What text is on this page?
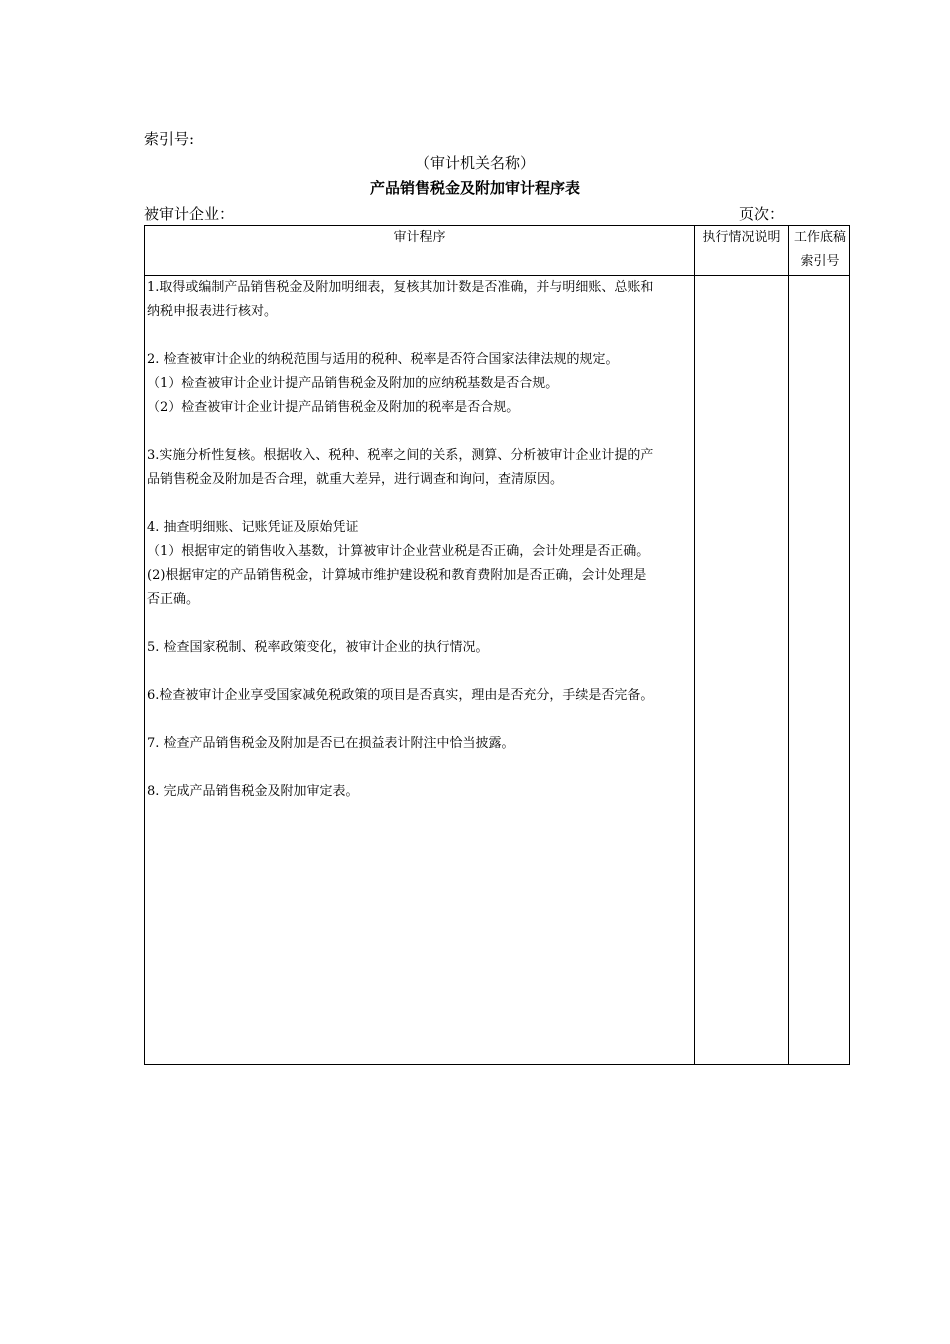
索引号:
（审计机关名称）
产品销售税金及附加审计程序表
被审计企业：	页次：
审计程序	执行情况说明	工作底稿
索引号

1.取得或编制产品销售税金及附加明细表，复核其加计数是否准确，并与明细账、总账和

纳税申报表进行核对。

2. 检查被审计企业的纳税范围与适用的税种、税率是否符合国家法律法规的规定。

（1）检查被审计企业计提产品销售税金及附加的应纳税基数是否合规。

（2）检查被审计企业计提产品销售税金及附加的税率是否合规。

3.实施分析性复核。根据收入、税种、税率之间的关系，测算、分析被审计企业计提的产

品销售税金及附加是否合理，就重大差异，进行调查和询问，查清原因。

4. 抽查明细账、记账凭证及原始凭证

（1）根据审定的销售收入基数，计算被审计企业营业税是否正确，会计处理是否正确。

(2)根据审定的产品销售税金，计算城市维护建设税和教育费附加是否正确，会计处理是

否正确。

5. 检查国家税制、税率政策变化，被审计企业的执行情况。

6.检查被审计企业享受国家减免税政策的项目是否真实，理由是否充分，手续是否完备。

7. 检查产品销售税金及附加是否已在损益表计附注中恰当披露。

8. 完成产品销售税金及附加审定表。
